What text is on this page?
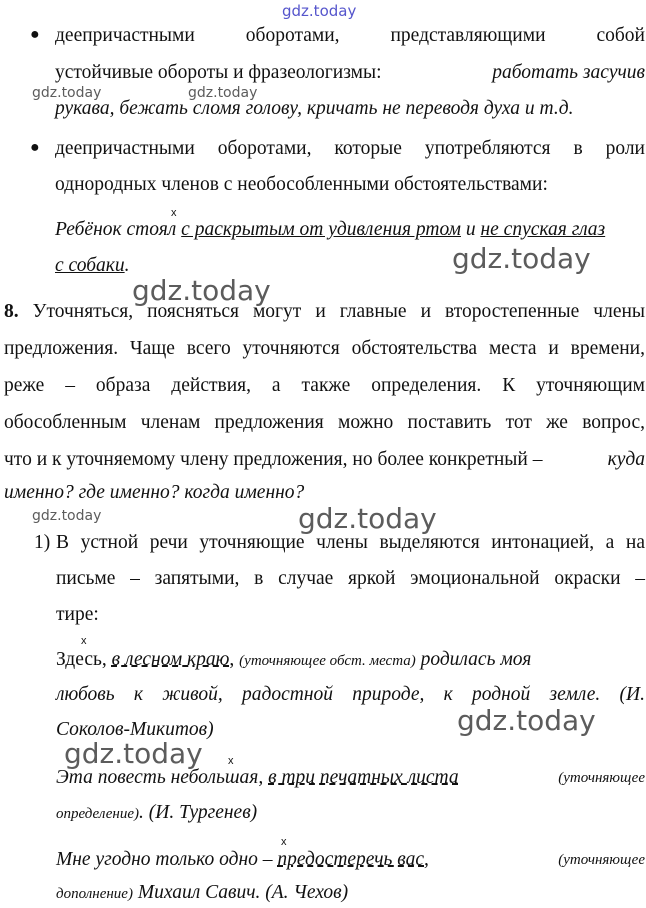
gdz.today
gdz.today	gdz.today
gdz.today
gdz.today
gdz.today	gdz.today
gdz.today
gdz.today
● деепричастными	оборотами,	представляющими	собой
устойчивые обороты и фразеологизмы:	работать засучив
рукава, бежать сломя голову, кричать не переводя духа и т.д.
● деепричастными оборотами, которые употребляются в роли
однородных членов с необособленными обстоятельствами:
х
Ребёнок стоял с раскрытым от удивления ртом и не спуская глаз
с собаки.
8. Уточняться, поясняться могут и главные и второстепенные члены
предложения. Чаще всего уточняются обстоятельства места и времени,
реже – образа действия, а также определения. К уточняющим
обособленным членам предложения можно поставить тот же вопрос,
что и к уточняемому члену предложения, но более конкретный –	куда
именно? где именно? когда именно?
1) В устной речи уточняющие члены выделяются интонацией, а на
письме – запятыми, в случае яркой эмоциональной окраски –
тире:
х
Здесь, в лесном краю, (уточняющее обст. места) родилась моя
любовь к живой, радостной природе, к родной земле. (И.
Соколов-Микитов)
х
Эта повесть небольшая, в три печатных листа	(уточняющее
определение). (И. Тургенев)
х
Мне угодно только одно – предостеречь вас,	(уточняющее
дополнение) Михаил Савич. (А. Чехов)
